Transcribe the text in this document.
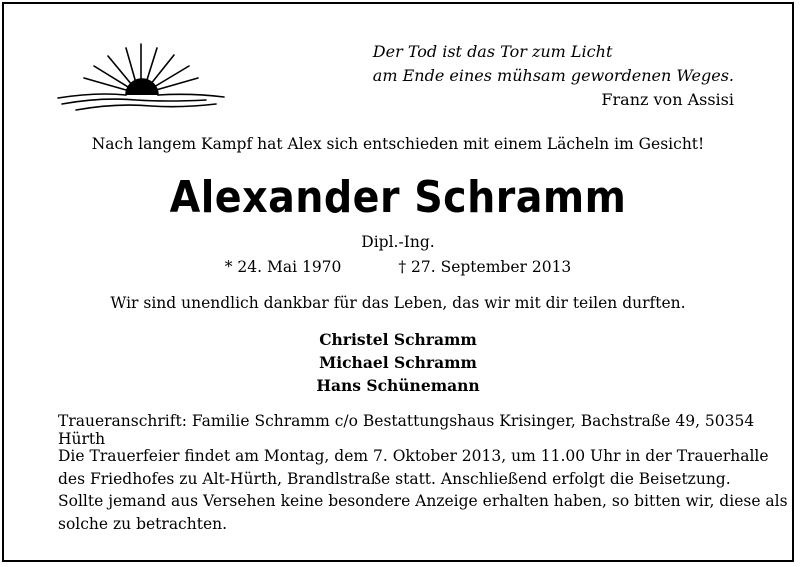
Der Tod ist das Tor zum Licht
am Ende eines mühsam gewordenen Weges.

Franz von Assisi
Nach langem Kampf hat Alex sich entschieden mit einem Lächeln im Gesicht!
Alexander Schramm
Dipl.-Ing.
* 24. Mai 1970	† 27. September 2013
Wir sind unendlich dankbar für das Leben, das wir mit dir teilen durften.
Christel Schramm
Michael Schramm
Hans Schünemann
Traueranschrift: Familie Schramm c/o Bestattungshaus Krisinger, Bachstraße 49, 50354 Hürth
Die Trauerfeier findet am Montag, dem 7. Oktober 2013, um 11.00 Uhr in der Trauerhalle
des Friedhofes zu Alt-Hürth, Brandlstraße statt. Anschließend erfolgt die Beisetzung.
Sollte jemand aus Versehen keine besondere Anzeige erhalten haben, so bitten wir, diese als
solche zu betrachten.
